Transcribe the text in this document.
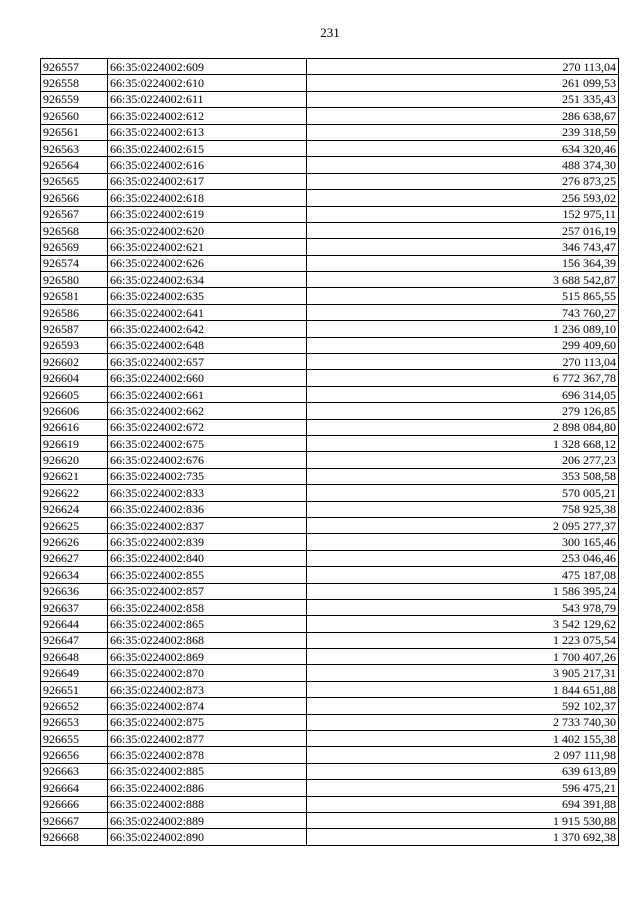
231
926557	66:35:0224002:609	270 113,04
926558	66:35:0224002:610	261 099,53
926559	66:35:0224002:611	251 335,43
926560	66:35:0224002:612	286 638,67
926561	66:35:0224002:613	239 318,59
926563	66:35:0224002:615	634 320,46
926564	66:35:0224002:616	488 374,30
926565	66:35:0224002:617	276 873,25
926566	66:35:0224002:618	256 593,02
926567	66:35:0224002:619	152 975,11
926568	66:35:0224002:620	257 016,19
926569	66:35:0224002:621	346 743,47
926574	66:35:0224002:626	156 364,39
926580	66:35:0224002:634	3 688 542,87
926581	66:35:0224002:635	515 865,55
926586	66:35:0224002:641	743 760,27
926587	66:35:0224002:642	1 236 089,10
926593	66:35:0224002:648	299 409,60
926602	66:35:0224002:657	270 113,04
926604	66:35:0224002:660	6 772 367,78
926605	66:35:0224002:661	696 314,05
926606	66:35:0224002:662	279 126,85
926616	66:35:0224002:672	2 898 084,80
926619	66:35:0224002:675	1 328 668,12
926620	66:35:0224002:676	206 277,23
926621	66:35:0224002:735	353 508,58
926622	66:35:0224002:833	570 005,21
926624	66:35:0224002:836	758 925,38
926625	66:35:0224002:837	2 095 277,37
926626	66:35:0224002:839	300 165,46
926627	66:35:0224002:840	253 046,46
926634	66:35:0224002:855	475 187,08
926636	66:35:0224002:857	1 586 395,24
926637	66:35:0224002:858	543 978,79
926644	66:35:0224002:865	3 542 129,62
926647	66:35:0224002:868	1 223 075,54
926648	66:35:0224002:869	1 700 407,26
926649	66:35:0224002:870	3 905 217,31
926651	66:35:0224002:873	1 844 651,88
926652	66:35:0224002:874	592 102,37
926653	66:35:0224002:875	2 733 740,30
926655	66:35:0224002:877	1 402 155,38
926656	66:35:0224002:878	2 097 111,98
926663	66:35:0224002:885	639 613,89
926664	66:35:0224002:886	596 475,21
926666	66:35:0224002:888	694 391,88
926667	66:35:0224002:889	1 915 530,88
926668	66:35:0224002:890	1 370 692,38
